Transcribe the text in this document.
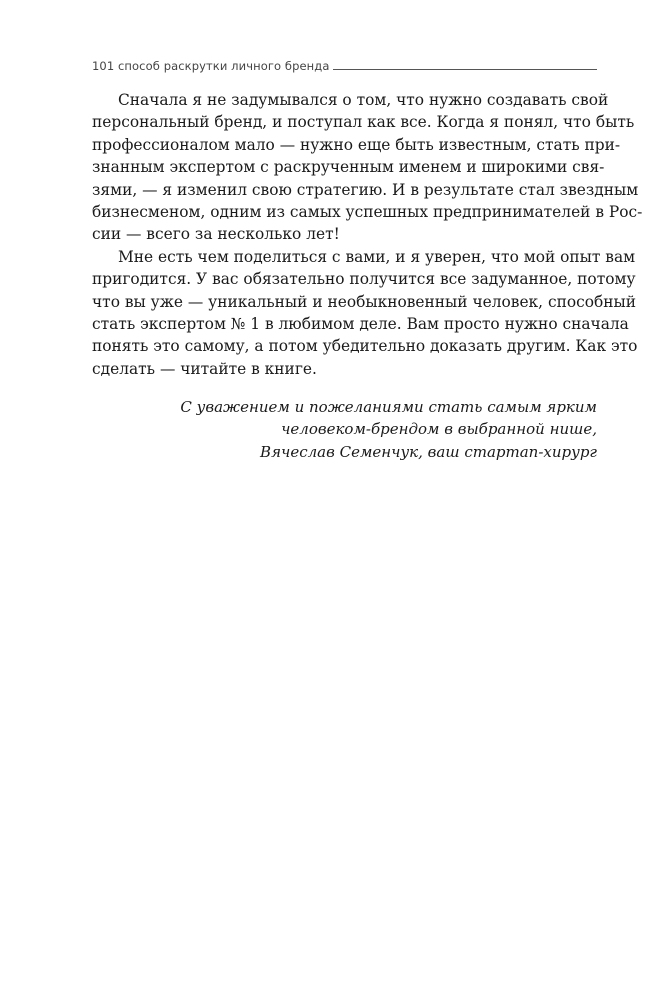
101 способ раскрутки личного бренда

Сначала я не задумывался о том, что нужно создавать свой
персональный бренд, и поступал как все. Когда я понял, что быть
профессионалом мало — нужно еще быть известным, стать при-
знанным экспертом с раскрученным именем и широкими свя-
зями, — я изменил свою стратегию. И в результате стал звездным
бизнесменом, одним из самых успешных предпринимателей в Рос-
сии — всего за несколько лет!

Мне есть чем поделиться с вами, и я уверен, что мой опыт вам
пригодится. У вас обязательно получится все задуманное, потому
что вы уже — уникальный и необыкновенный человек, способный
стать экспертом № 1 в любимом деле. Вам просто нужно сначала
понять это самому, а потом убедительно доказать другим. Как это
сделать — читайте в книге.

С уважением и пожеланиями стать самым ярким
человеком-брендом в выбранной нише,
Вячеслав Семенчук, ваш стартап-хирург
